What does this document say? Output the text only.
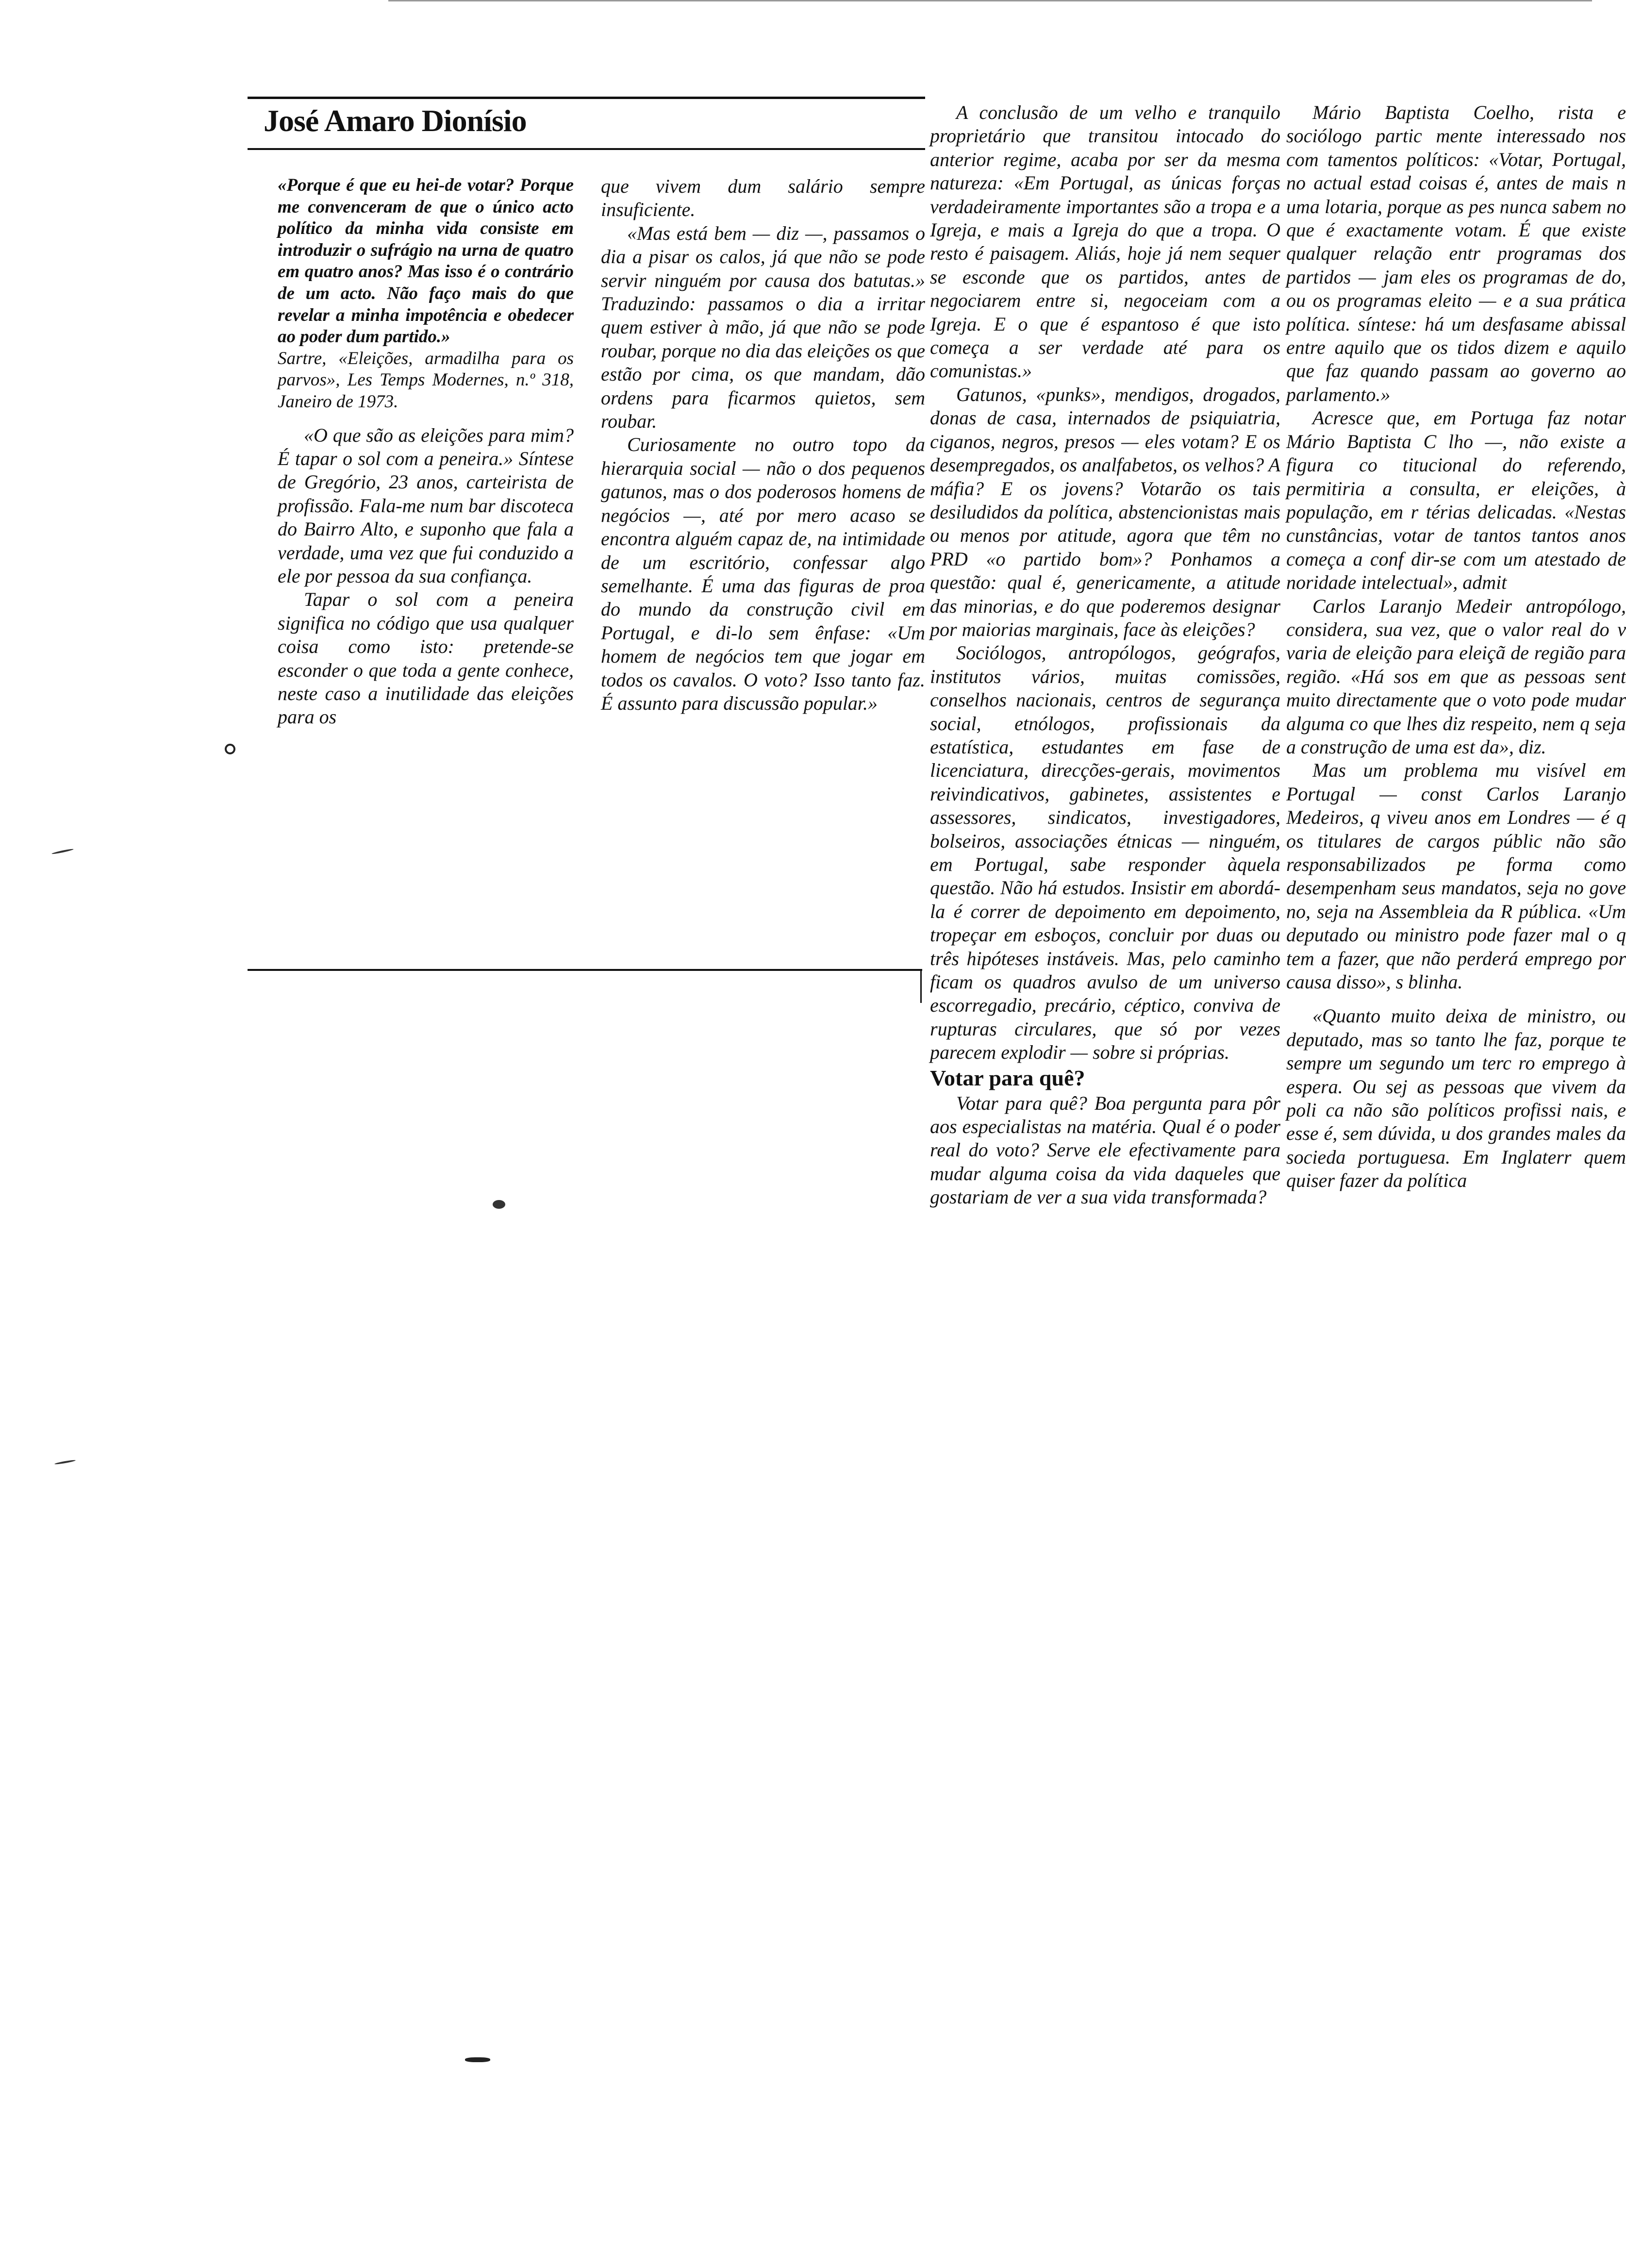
José Amaro Dionísio

«Porque é que eu hei-de votar? Porque me convenceram de que o único acto político da minha vida consiste em introduzir o sufrágio na urna de quatro em quatro anos? Mas isso é o contrário de um acto. Não faço mais do que revelar a minha impotência e obedecer ao poder dum partido.»

Sartre, «Eleições, armadilha para os parvos», Les Temps Modernes, n.º 318, Janeiro de 1973.

«O que são as eleições para mim? É tapar o sol com a peneira.» Síntese de Gregório, 23 anos, carteirista de profissão. Fala-me num bar discoteca do Bairro Alto, e suponho que fala a verdade, uma vez que fui conduzido a ele por pessoa da sua confiança.

Tapar o sol com a peneira significa no código que usa qualquer coisa como isto: pretende-se esconder o que toda a gente conhece, neste caso a inutilidade das eleições para os

que vivem dum salário sempre insuficiente.

«Mas está bem — diz —, passamos o dia a pisar os calos, já que não se pode servir ninguém por causa dos batutas.» Traduzindo: passamos o dia a irritar quem estiver à mão, já que não se pode roubar, porque no dia das eleições os que estão por cima, os que mandam, dão ordens para ficarmos quietos, sem roubar.

Curiosamente no outro topo da hierarquia social — não o dos pequenos gatunos, mas o dos poderosos homens de negócios —, até por mero acaso se encontra alguém capaz de, na intimidade de um escritório, confessar algo semelhante. É uma das figuras de proa do mundo da construção civil em Portugal, e di-lo sem ênfase: «Um homem de negócios tem que jogar em todos os cavalos. O voto? Isso tanto faz. É assunto para discussão popular.»

A conclusão de um velho e tranquilo proprietário que transitou intocado do anterior regime, acaba por ser da mesma natureza: «Em Portugal, as únicas forças verdadeiramente importantes são a tropa e a Igreja, e mais a Igreja do que a tropa. O resto é paisagem. Aliás, hoje já nem sequer se esconde que os partidos, antes de negociarem entre si, negoceiam com a Igreja. E o que é espantoso é que isto começa a ser verdade até para os comunistas.»

Gatunos, «punks», mendigos, drogados, donas de casa, internados de psiquiatria, ciganos, negros, presos — eles votam? E os desempregados, os analfabetos, os velhos? A máfia? E os jovens? Votarão os tais desiludidos da política, abstencionistas mais ou menos por atitude, agora que têm no PRD «o partido bom»? Ponhamos a questão: qual é, genericamente, a atitude das minorias, e do que poderemos designar por maiorias marginais, face às eleições?

Sociólogos, antropólogos, geógrafos, institutos vários, muitas comissões, conselhos nacionais, centros de segurança social, etnólogos, profissionais da estatística, estudantes em fase de licenciatura, direcções-gerais, movimentos reivindicativos, gabinetes, assistentes e assessores, sindicatos, investigadores, bolseiros, associações étnicas — ninguém, em Portugal, sabe responder àquela questão. Não há estudos. Insistir em abordá-la é correr de depoimento em depoimento, tropeçar em esboços, concluir por duas ou três hipóteses instáveis. Mas, pelo caminho ficam os quadros avulso de um universo escorregadio, precário, céptico, conviva de rupturas circulares, que só por vezes parecem explodir — sobre si próprias.

Votar para quê?

Votar para quê? Boa pergunta para pôr aos especialistas na matéria. Qual é o poder real do voto? Serve ele efectivamente para mudar alguma coisa da vida daqueles que gostariam de ver a sua vida transformada?

Mário Baptista Coelho, rista e sociólogo partic mente interessado nos com tamentos políticos: «Votar, Portugal, no actual estad coisas é, antes de mais n uma lotaria, porque as pes nunca sabem no que é exactamente votam. É que existe qualquer relação entr programas dos partidos — jam eles os programas de do, ou os programas eleito — e a sua prática política. síntese: há um desfasame abissal entre aquilo que os tidos dizem e aquilo que faz quando passam ao governo ao parlamento.»

Acresce que, em Portuga faz notar Mário Baptista C lho —, não existe a figura co titucional do referendo, permitiria a consulta, er eleições, à população, em r térias delicadas. «Nestas cunstâncias, votar de tantos tantos anos começa a conf dir-se com um atestado de noridade intelectual», admit

Carlos Laranjo Medeir antropólogo, considera, sua vez, que o valor real do v varia de eleição para eleiçã de região para região. «Há sos em que as pessoas sent muito directamente que o voto pode mudar alguma co que lhes diz respeito, nem q seja a construção de uma est da», diz.

Mas um problema mu visível em Portugal — const Carlos Laranjo Medeiros, q viveu anos em Londres — é q os titulares de cargos públic não são responsabilizados pe forma como desempenham seus mandatos, seja no gove no, seja na Assembleia da R pública. «Um deputado ou ministro pode fazer mal o q tem a fazer, que não perderá emprego por causa disso», s blinha.

«Quanto muito deixa de ministro, ou deputado, mas so tanto lhe faz, porque te sempre um segundo um terc ro emprego à espera. Ou sej as pessoas que vivem da poli ca não são políticos profissi nais, e esse é, sem dúvida, u dos grandes males da socieda portuguesa. Em Inglaterr quem quiser fazer da política
